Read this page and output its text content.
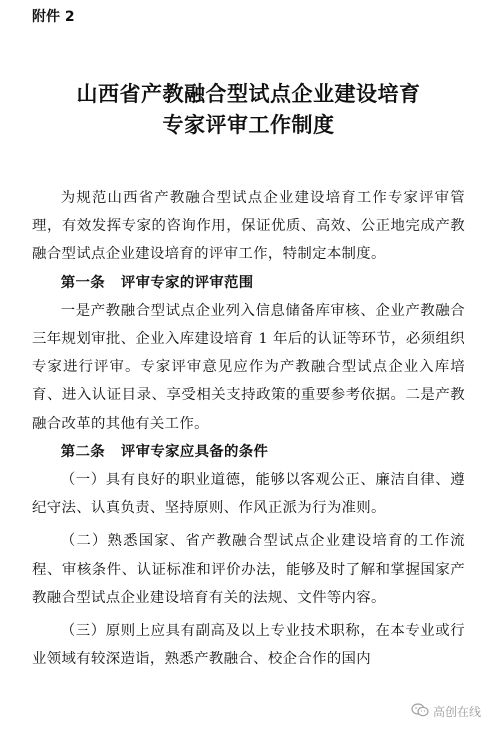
附件 2
山西省产教融合型试点企业建设培育
专家评审工作制度

为规范山西省产教融合型试点企业建设培育工作专家评审管理，有效发挥专家的咨询作用，保证优质、高效、公正地完成产教融合型试点企业建设培育的评审工作，特制定本制度。

第一条 评审专家的评审范围

一是产教融合型试点企业列入信息储备库审核、企业产教融合三年规划审批、企业入库建设培育 1 年后的认证等环节，必须组织专家进行评审。专家评审意见应作为产教融合型试点企业入库培育、进入认证目录、享受相关支持政策的重要参考依据。二是产教融合改革的其他有关工作。

第二条 评审专家应具备的条件

（一）具有良好的职业道德，能够以客观公正、廉洁自律、遵纪守法、认真负责、坚持原则、作风正派为行为准则。

（二）熟悉国家、省产教融合型试点企业建设培育的工作流程、审核条件、认证标准和评价办法，能够及时了解和掌握国家产教融合型试点企业建设培育有关的法规、文件等内容。

（三）原则上应具有副高及以上专业技术职称，在本专业或行业领域有较深造诣，熟悉产教融合、校企合作的国内

高创在线
